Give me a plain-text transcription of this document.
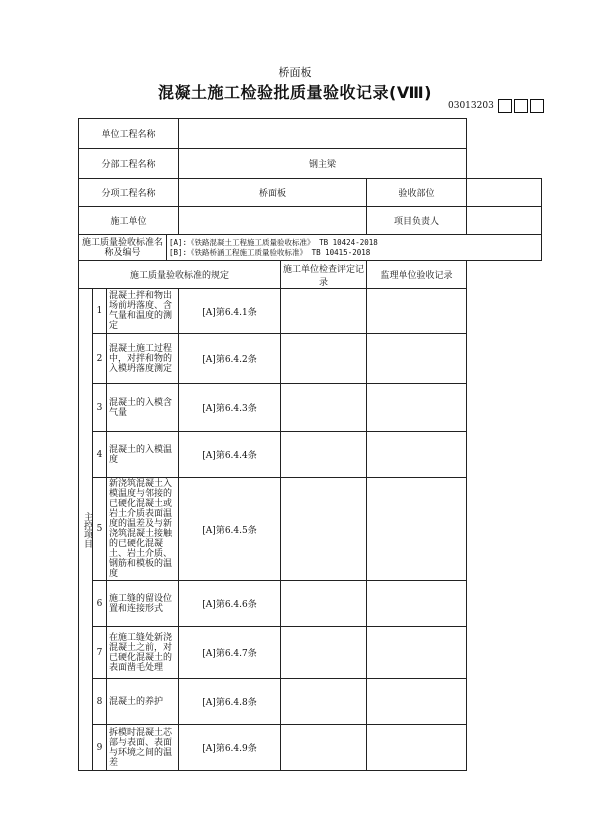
桥面板
混凝土施工检验批质量验收记录(Ⅷ)
03013203
单位工程名称							
分部工程名称				钢主梁			
分项工程名称				桥面板		验收部位	
施工单位						项目负责人	
施工质量验收标准名称及编号			[A]:《铁路混凝土工程施工质量验收标准》 TB 10424-2018
[B]:《铁路桥涵工程施工质量验收标准》 TB 10415-2018				

施工质量验收标准的规定					施工单位检查评定记录	监理单位验收记录	

主控项目	1	混凝土拌和物出场前坍落度、含气量和温度的测定		[A]第6.4.1条			
	2	混凝土施工过程中，对拌和物的入模坍落度测定		[A]第6.4.2条			
	3	混凝土的入模含气量		[A]第6.4.3条			
	4	混凝土的入模温度		[A]第6.4.4条			
	5	新浇筑混凝土入模温度与邻接的已硬化混凝土或岩土介质表面温度的温差及与新浇筑混凝土接触的已硬化混凝土、岩土介质、钢筋和模板的温度		[A]第6.4.5条			
	6	施工缝的留设位置和连接形式		[A]第6.4.6条			
	7	在施工缝处新浇混凝土之前，对已硬化混凝土的表面凿毛处理		[A]第6.4.7条			
	8	混凝土的养护		[A]第6.4.8条			
	9	拆模时混凝土芯部与表面、表面与环境之间的温差		[A]第6.4.9条			
